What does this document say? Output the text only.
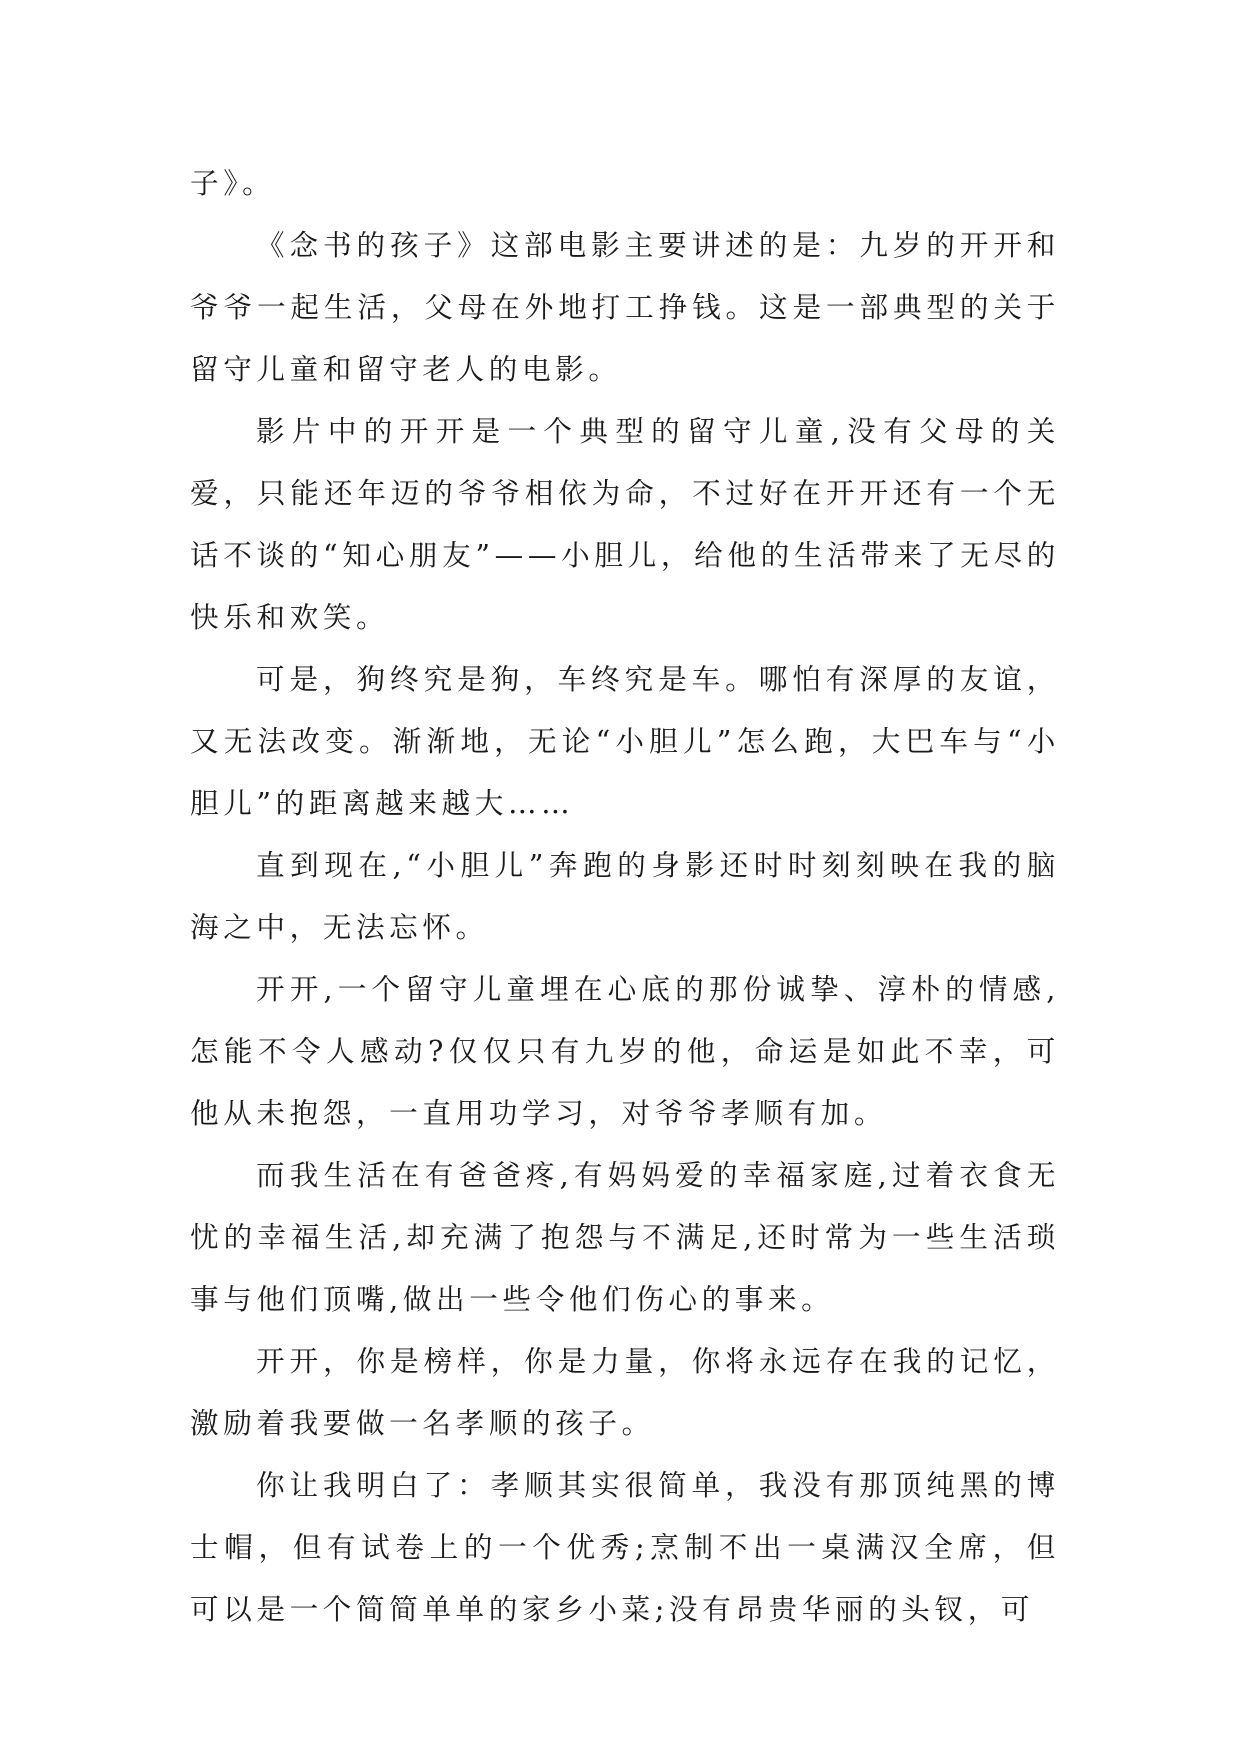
子》。

《念书的孩子》这部电影主要讲述的是：九岁的开开和爷爷一起生活，父母在外地打工挣钱。这是一部典型的关于留守儿童和留守老人的电影。

影片中的开开是一个典型的留守儿童,没有父母的关爱，只能还年迈的爷爷相依为命，不过好在开开还有一个无话不谈的“知心朋友”——小胆儿，给他的生活带来了无尽的快乐和欢笑。

可是，狗终究是狗，车终究是车。哪怕有深厚的友谊，又无法改变。渐渐地，无论“小胆儿”怎么跑，大巴车与“小胆儿”的距离越来越大……

直到现在,“小胆儿”奔跑的身影还时时刻刻映在我的脑海之中，无法忘怀。

开开,一个留守儿童埋在心底的那份诚挚、淳朴的情感,怎能不令人感动?仅仅只有九岁的他，命运是如此不幸，可他从未抱怨，一直用功学习，对爷爷孝顺有加。

而我生活在有爸爸疼,有妈妈爱的幸福家庭,过着衣食无忧的幸福生活,却充满了抱怨与不满足,还时常为一些生活琐事与他们顶嘴,做出一些令他们伤心的事来。

开开，你是榜样，你是力量，你将永远存在我的记忆，激励着我要做一名孝顺的孩子。

你让我明白了：孝顺其实很简单，我没有那顶纯黑的博士帽，但有试卷上的一个优秀;烹制不出一桌满汉全席，但可以是一个简简单单的家乡小菜;没有昂贵华丽的头钗，可
